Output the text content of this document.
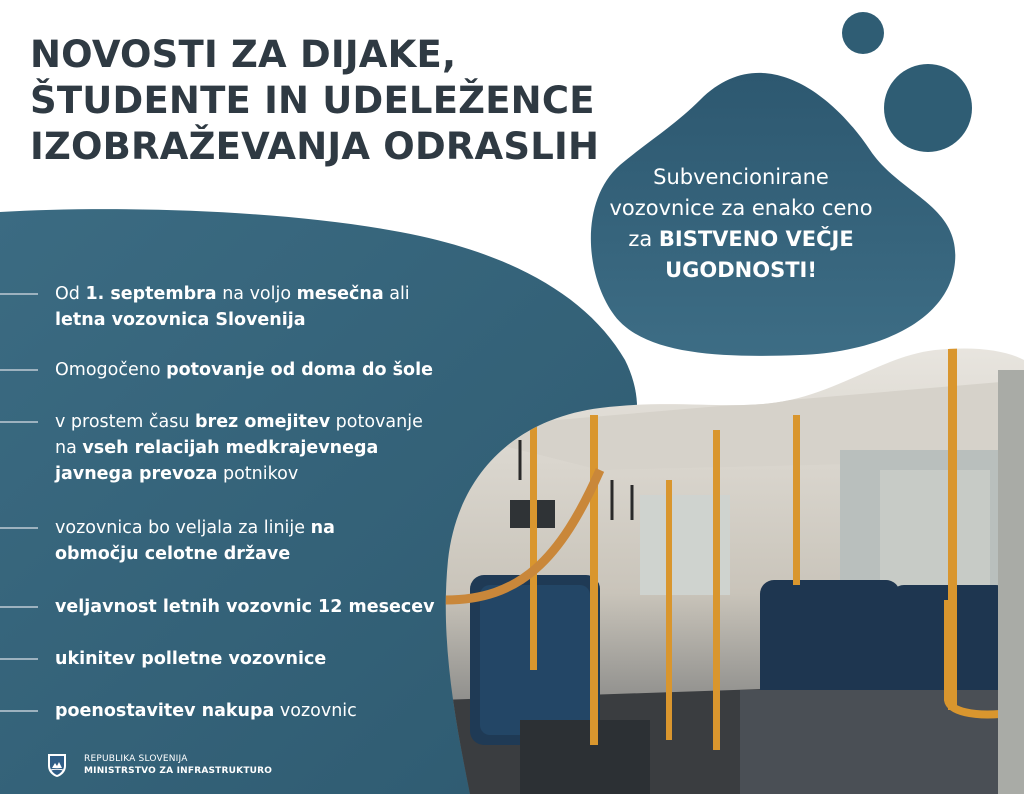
NOVOSTI ZA DIJAKE,
ŠTUDENTE IN UDELEŽENCE
IZOBRAŽEVANJA ODRASLIH
Subvencionirane
vozovnice za enako ceno
za BISTVENO VEČJE
UGODNOSTI!
Od 1. septembra na voljo mesečna ali
letna vozovnica Slovenija
Omogočeno potovanje od doma do šole
v prostem času brez omejitev potovanje na vseh relacijah medkrajevnega javnega prevoza potnikov
vozovnica bo veljala za linije na območju celotne države
veljavnost letnih vozovnic 12 mesecev
ukinitev polletne vozovnice
poenostavitev nakupa vozovnic
REPUBLIKA SLOVENIJA
MINISTRSTVO ZA INFRASTRUKTURO
